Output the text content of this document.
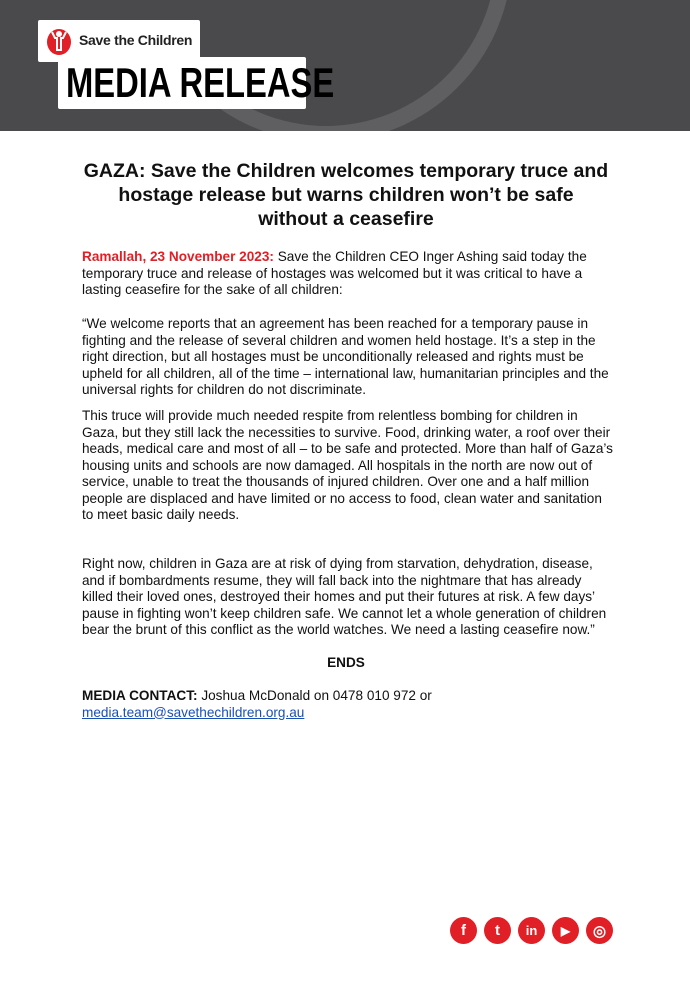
Save the Children
MEDIA RELEASE
GAZA: Save the Children welcomes temporary truce and hostage release but warns children won’t be safe without a ceasefire

Ramallah, 23 November 2023: Save the Children CEO Inger Ashing said today the temporary truce and release of hostages was welcomed but it was critical to have a lasting ceasefire for the sake of all children:

“We welcome reports that an agreement has been reached for a temporary pause in fighting and the release of several children and women held hostage. It’s a step in the right direction, but all hostages must be unconditionally released and rights must be upheld for all children, all of the time – international law, humanitarian principles and the universal rights for children do not discriminate.

This truce will provide much needed respite from relentless bombing for children in Gaza, but they still lack the necessities to survive. Food, drinking water, a roof over their heads, medical care and most of all – to be safe and protected. More than half of Gaza’s housing units and schools are now damaged. All hospitals in the north are now out of service, unable to treat the thousands of injured children. Over one and a half million people are displaced and have limited or no access to food, clean water and sanitation to meet basic daily needs.

Right now, children in Gaza are at risk of dying from starvation, dehydration, disease, and if bombardments resume, they will fall back into the nightmare that has already killed their loved ones, destroyed their homes and put their futures at risk. A few days’ pause in fighting won’t keep children safe. We cannot let a whole generation of children bear the brunt of this conflict as the world watches. We need a lasting ceasefire now.”

ENDS

MEDIA CONTACT: Joshua McDonald on 0478 010 972 or
media.team@savethechildren.org.au

f	t	in	▶	◎
